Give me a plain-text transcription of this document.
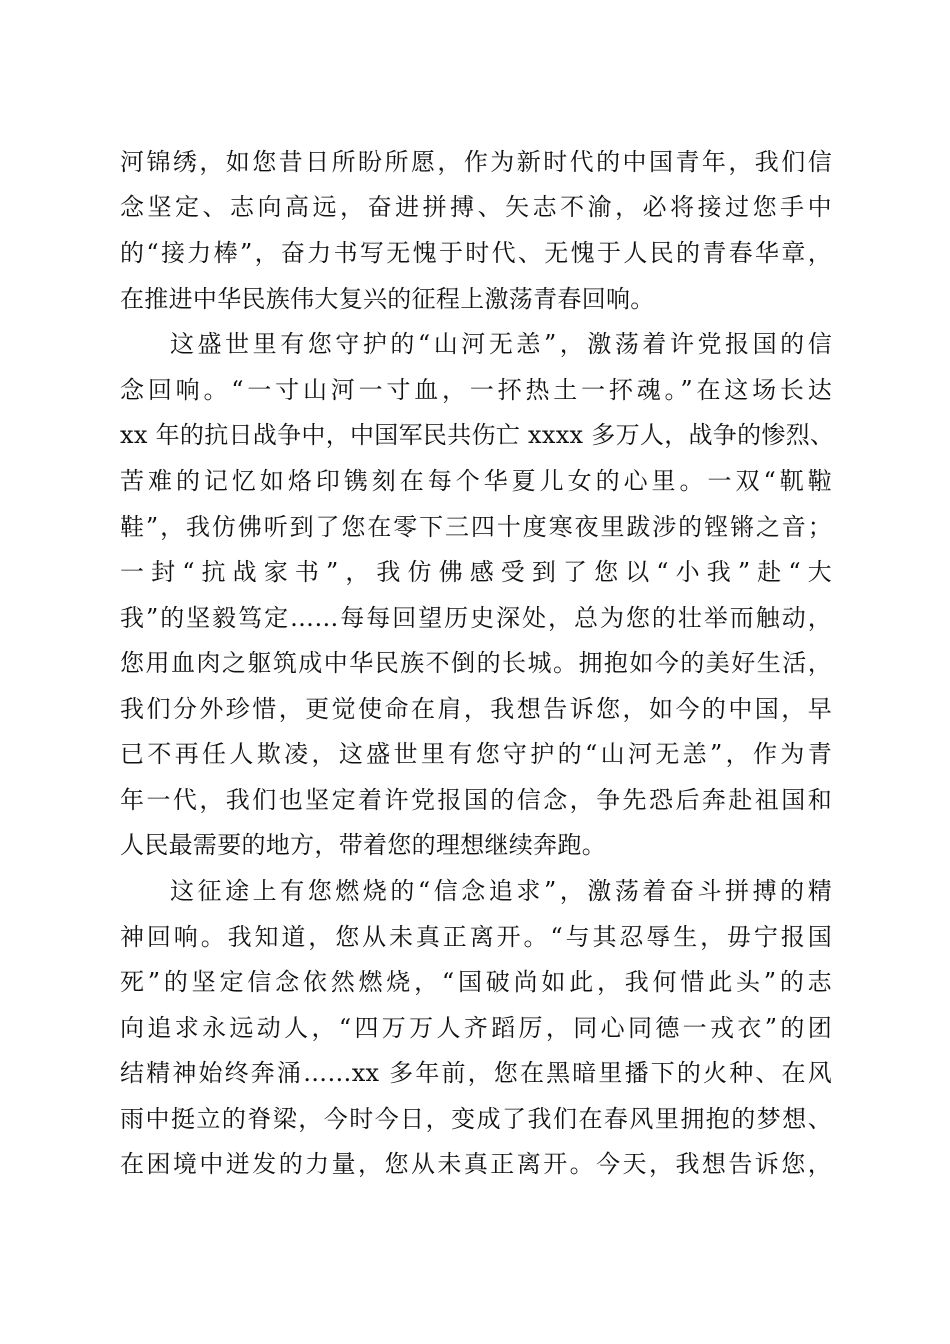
河锦绣，如您昔日所盼所愿，作为新时代的中国青年，我们信
念坚定、志向高远，奋进拼搏、矢志不渝，必将接过您手中
的“接力棒”，奋力书写无愧于时代、无愧于人民的青春华章，
在推进中华民族伟大复兴的征程上激荡青春回响。
这盛世里有您守护的“山河无恙”，激荡着许党报国的信
念回响。“一寸山河一寸血，一抔热土一抔魂。”在这场长达
xx 年的抗日战争中，中国军民共伤亡 xxxx 多万人，战争的惨烈、
苦难的记忆如烙印镌刻在每个华夏儿女的心里。一双“靰鞡
鞋”，我仿佛听到了您在零下三四十度寒夜里跋涉的铿锵之音；
一封“抗战家书”，我仿佛感受到了您以“小我”赴“大
我”的坚毅笃定……每每回望历史深处，总为您的壮举而触动，
您用血肉之躯筑成中华民族不倒的长城。拥抱如今的美好生活，
我们分外珍惜，更觉使命在肩，我想告诉您，如今的中国，早
已不再任人欺凌，这盛世里有您守护的“山河无恙”，作为青
年一代，我们也坚定着许党报国的信念，争先恐后奔赴祖国和
人民最需要的地方，带着您的理想继续奔跑。
这征途上有您燃烧的“信念追求”，激荡着奋斗拼搏的精
神回响。我知道，您从未真正离开。“与其忍辱生，毋宁报国
死”的坚定信念依然燃烧，“国破尚如此，我何惜此头”的志
向追求永远动人，“四万万人齐蹈厉，同心同德一戎衣”的团
结精神始终奔涌……xx 多年前，您在黑暗里播下的火种、在风
雨中挺立的脊梁，今时今日，变成了我们在春风里拥抱的梦想、
在困境中迸发的力量，您从未真正离开。今天，我想告诉您，
